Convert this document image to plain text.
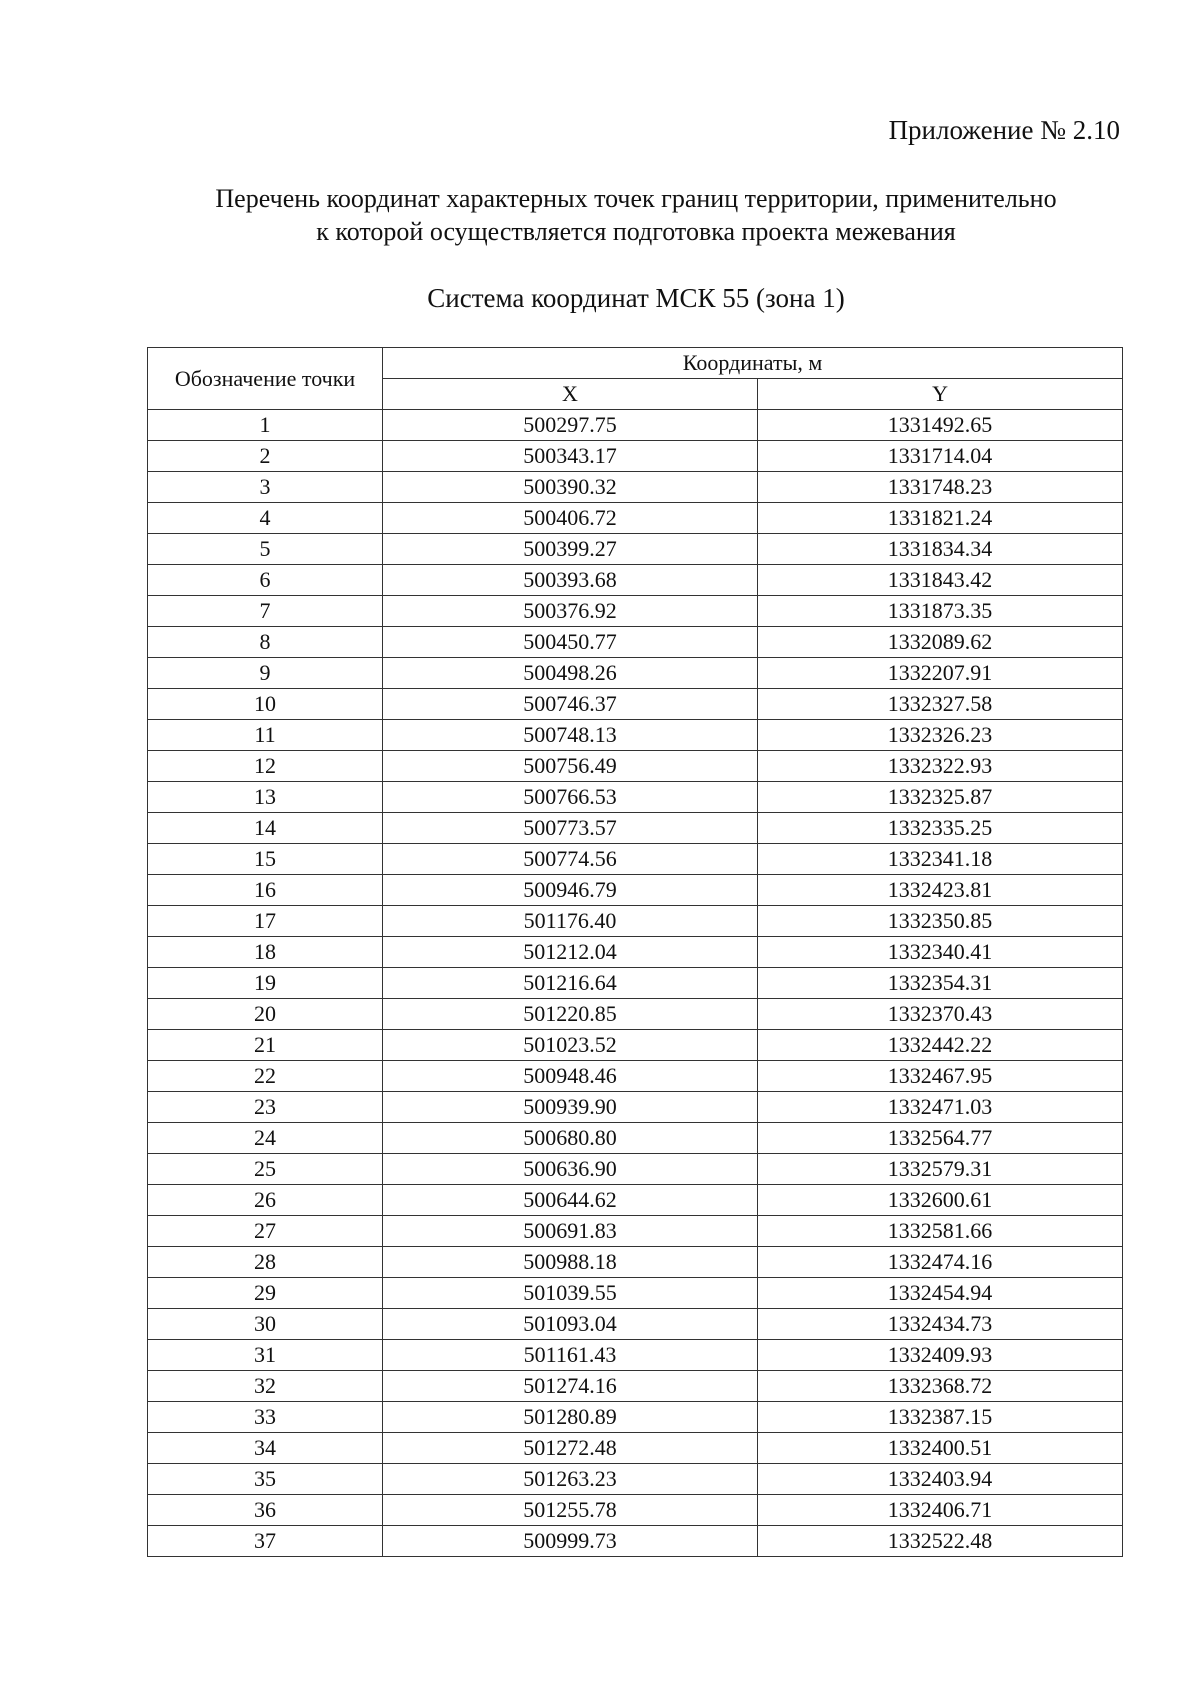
Приложение № 2.10
Перечень координат характерных точек границ территории, применительно
к которой осуществляется подготовка проекта межевания
Система координат МСК 55 (зона 1)
Обозначение точки	Координаты, м	
	X	Y
1	500297.75	1331492.65
2	500343.17	1331714.04
3	500390.32	1331748.23
4	500406.72	1331821.24
5	500399.27	1331834.34
6	500393.68	1331843.42
7	500376.92	1331873.35
8	500450.77	1332089.62
9	500498.26	1332207.91
10	500746.37	1332327.58
11	500748.13	1332326.23
12	500756.49	1332322.93
13	500766.53	1332325.87
14	500773.57	1332335.25
15	500774.56	1332341.18
16	500946.79	1332423.81
17	501176.40	1332350.85
18	501212.04	1332340.41
19	501216.64	1332354.31
20	501220.85	1332370.43
21	501023.52	1332442.22
22	500948.46	1332467.95
23	500939.90	1332471.03
24	500680.80	1332564.77
25	500636.90	1332579.31
26	500644.62	1332600.61
27	500691.83	1332581.66
28	500988.18	1332474.16
29	501039.55	1332454.94
30	501093.04	1332434.73
31	501161.43	1332409.93
32	501274.16	1332368.72
33	501280.89	1332387.15
34	501272.48	1332400.51
35	501263.23	1332403.94
36	501255.78	1332406.71
37	500999.73	1332522.48
